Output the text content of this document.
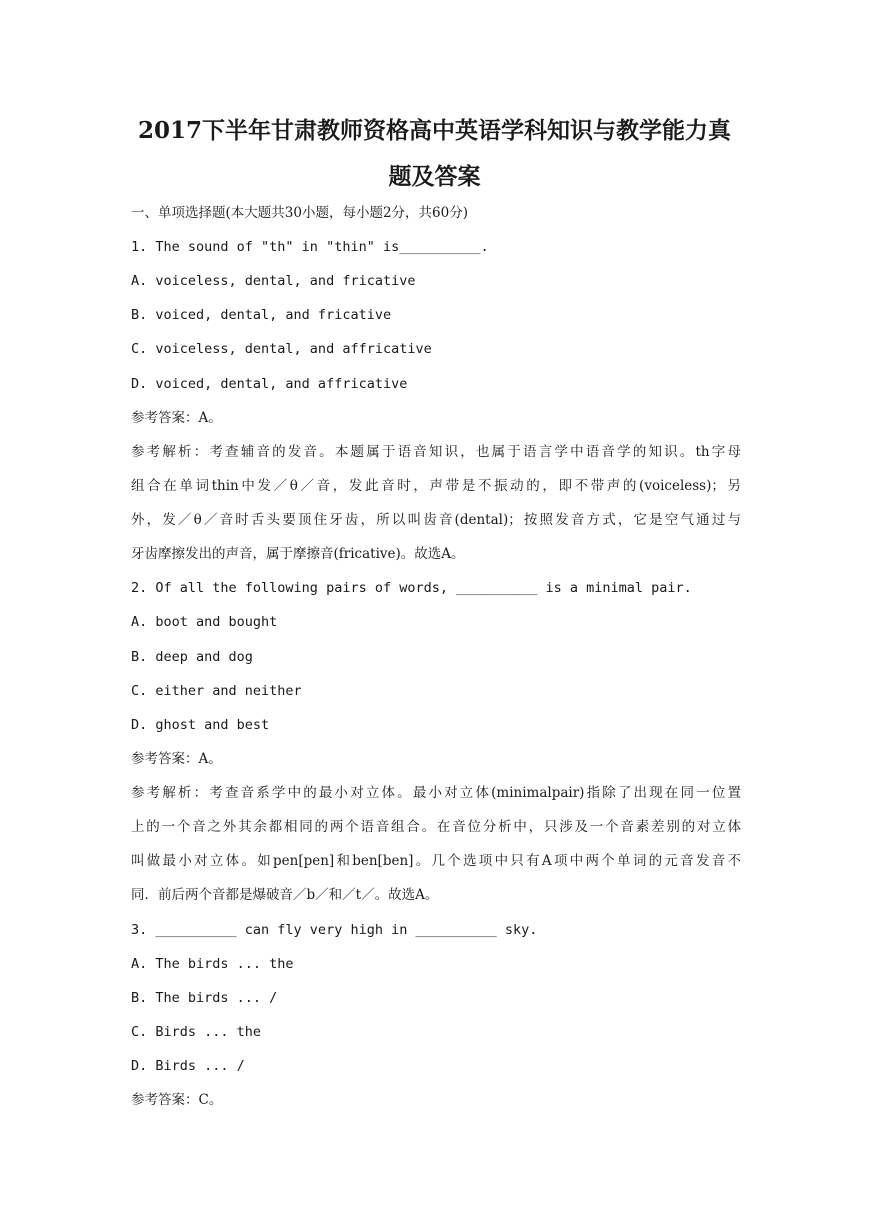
2017下半年甘肃教师资格高中英语学科知识与教学能力真
题及答案
一、单项选择题(本大题共30小题，每小题2分，共60分)
1. The sound of "th" in "thin" is__________.
A. voiceless, dental, and fricative
B. voiced, dental, and fricative
C. voiceless, dental, and affricative
D. voiced, dental, and affricative
参考答案：A。
参考解析：考查辅音的发音。本题属于语音知识，也属于语言学中语音学的知识。th字母
组合在单词thin中发／θ／音，发此音时，声带是不振动的，即不带声的(voiceless)；另
外，发／θ／音时舌头要顶住牙齿，所以叫齿音(dental)；按照发音方式，它是空气通过与
牙齿摩擦发出的声音，属于摩擦音(fricative)。故选A。
2. Of all the following pairs of words, __________ is a minimal pair.
A. boot and bought
B. deep and dog
C. either and neither
D. ghost and best
参考答案：A。
参考解析：考查音系学中的最小对立体。最小对立体(minimalpair)指除了出现在同一位置
上的一个音之外其余都相同的两个语音组合。在音位分析中，只涉及一个音素差别的对立体
叫做最小对立体。如pen[pen]和ben[ben]。几个选项中只有A项中两个单词的元音发音不
同．前后两个音都是爆破音／b／和／t／。故选A。
3. __________ can fly very high in __________ sky.
A. The birds ... the
B. The birds ... /
C. Birds ... the
D. Birds ... /
参考答案：C。
